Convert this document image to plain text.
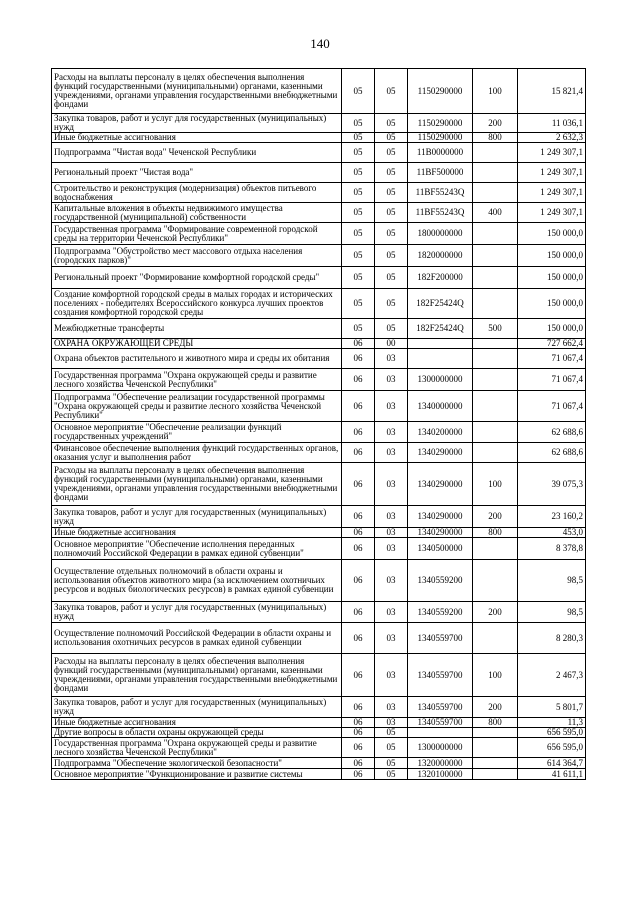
140
Расходы на выплаты персоналу в целях обеспечения выполнения функций государственными (муниципальными) органами, казенными учреждениями, органами управления государственными внебюджетными фондами	05	05	1150290000	100	15 821,4
Закупка товаров, работ и услуг для государственных (муниципальных) нужд	05	05	1150290000	200	11 036,1
Иные бюджетные ассигнования	05	05	1150290000	800	2 632,3
Подпрограмма "Чистая вода" Чеченской Республики	05	05	11В0000000		1 249 307,1
Региональный проект "Чистая вода"	05	05	11ВF500000		1 249 307,1
Строительство и реконструкция (модернизация) объектов питьевого водоснабжения	05	05	11ВF55243Q		1 249 307,1
Капитальные вложения в объекты недвижимого имущества государственной (муниципальной) собственности	05	05	11ВF55243Q	400	1 249 307,1
Государственная программа "Формирование современной городской среды на территории Чеченской Республики"	05	05	1800000000		150 000,0
Подпрограмма "Обустройство мест массового отдыха населения (городских парков)"	05	05	1820000000		150 000,0
Региональный проект "Формирование комфортной городской среды"	05	05	182F200000		150 000,0
Создание комфортной городской среды в малых городах и исторических поселениях - победителях Всероссийского конкурса лучших проектов создания комфортной городской среды	05	05	182F25424Q		150 000,0
Межбюджетные трансферты	05	05	182F25424Q	500	150 000,0
ОХРАНА ОКРУЖАЮЩЕЙ СРЕДЫ	06	00			727 662,4
Охрана объектов растительного и животного мира и среды их обитания	06	03			71 067,4
Государственная программа "Охрана окружающей среды и развитие лесного хозяйства Чеченской Республики"	06	03	1300000000		71 067,4
Подпрограмма "Обеспечение реализации государственной программы "Охрана окружающей среды и развитие лесного хозяйства Чеченской Республики"	06	03	1340000000		71 067,4
Основное мероприятие "Обеспечение реализации функций государственных учреждений"	06	03	1340200000		62 688,6
Финансовое обеспечение выполнения функций государственных органов, оказания услуг и выполнения работ	06	03	1340290000		62 688,6
Расходы на выплаты персоналу в целях обеспечения выполнения функций государственными (муниципальными) органами, казенными учреждениями, органами управления государственными внебюджетными фондами	06	03	1340290000	100	39 075,3
Закупка товаров, работ и услуг для государственных (муниципальных) нужд	06	03	1340290000	200	23 160,2
Иные бюджетные ассигнования	06	03	1340290000	800	453,0
Основное мероприятие "Обеспечение исполнения переданных полномочий Российской Федерации в рамках единой субвенции"	06	03	1340500000		8 378,8
Осуществление отдельных полномочий в области охраны и использования объектов животного мира (за исключением охотничьих ресурсов и водных биологических ресурсов) в рамках единой субвенции	06	03	1340559200		98,5
Закупка товаров, работ и услуг для государственных (муниципальных) нужд	06	03	1340559200	200	98,5
Осуществление полномочий Российской Федерации в области охраны и использования охотничьих ресурсов в рамках единой субвенции	06	03	1340559700		8 280,3
Расходы на выплаты персоналу в целях обеспечения выполнения функций государственными (муниципальными) органами, казенными учреждениями, органами управления государственными внебюджетными фондами	06	03	1340559700	100	2 467,3
Закупка товаров, работ и услуг для государственных (муниципальных) нужд	06	03	1340559700	200	5 801,7
Иные бюджетные ассигнования	06	03	1340559700	800	11,3
Другие вопросы в области охраны окружающей среды	06	05			656 595,0
Государственная программа "Охрана окружающей среды и развитие лесного хозяйства Чеченской Республики"	06	05	1300000000		656 595,0
Подпрограмма "Обеспечение экологической безопасности"	06	05	1320000000		614 364,7
Основное мероприятие "Функционирование и развитие системы	06	05	1320100000		41 611,1
